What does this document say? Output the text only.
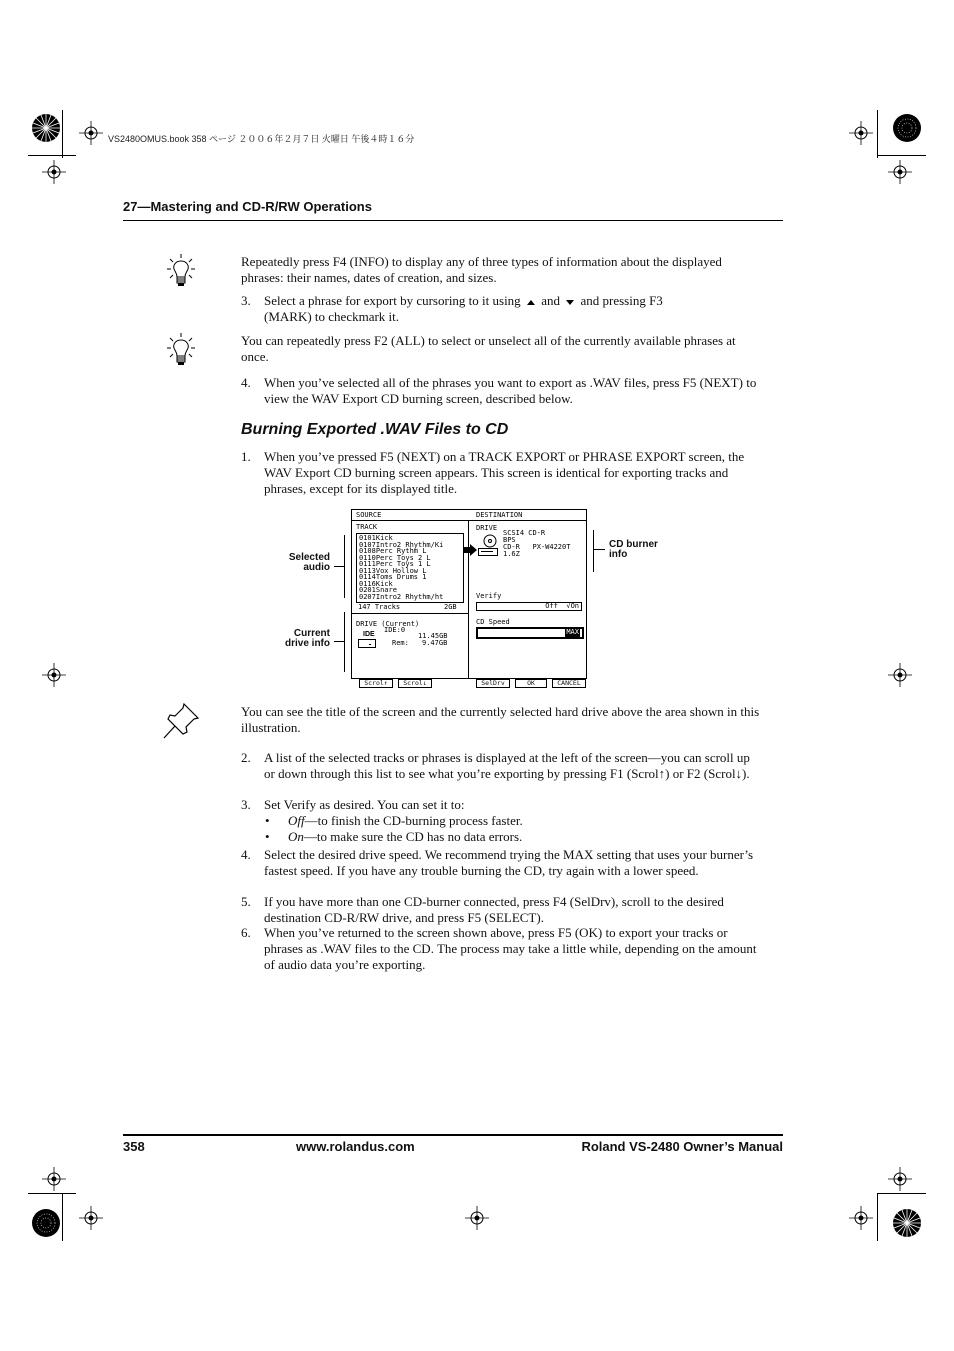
VS2480OMUS.book 358 ページ ２００６年２月７日 火曜日 午後４時１６分
27—Mastering and CD-R/RW Operations
Repeatedly press F4 (INFO) to display any of three types of information about the displayed phrases: their names, dates of creation, and sizes.
3. Select a phrase for export by cursoring to it using and and pressing F3
(MARK) to checkmark it.
You can repeatedly press F2 (ALL) to select or unselect all of the currently available phrases at once.
4. When you’ve selected all of the phrases you want to export as .WAV files, press F5 (NEXT) to view the WAV Export CD burning screen, described below.
Burning Exported .WAV Files to CD
1. When you’ve pressed F5 (NEXT) on a TRACK EXPORT or PHRASE EXPORT screen, the WAV Export CD burning screen appears. This screen is identical for exporting tracks and phrases, except for its displayed title.
Selected
audio
Current
drive info
CD burner
info
SOURCE	DESTINATION
TRACK
0101Kick
0107Intro2 Rhythm/Ki
0108Perc Rythm L
0110Perc Toys 2 L
0111Perc Toys 1 L
0113Vox Hollow L
0114Toms Drums 1
0116Kick
0201Snare
0207Intro2 Rhythm/ht
147 Tracks	2GB
DRIVE (Current)
IDE:0
IDE	11.45GB
Rem: 9.47GB
DRIVE
SCSI4 CD-R
BPS
CD-R   PX-W4220T
1.6Z
Verify
Off  √On
CD Speed
MAX
Scrol↑	Scrol↓	SelDrv	OK	CANCEL
You can see the title of the screen and the currently selected hard drive above the area shown in this illustration.
2. A list of the selected tracks or phrases is displayed at the left of the screen—you can scroll up or down through this list to see what you’re exporting by pressing F1 (Scrol↑) or F2 (Scrol↓).
3. Set Verify as desired. You can set it to:
• Off—to finish the CD-burning process faster.
• On—to make sure the CD has no data errors.
4. Select the desired drive speed. We recommend trying the MAX setting that uses your burner’s fastest speed. If you have any trouble burning the CD, try again with a lower speed.
5. If you have more than one CD-burner connected, press F4 (SelDrv), scroll to the desired destination CD-R/RW drive, and press F5 (SELECT).
6. When you’ve returned to the screen shown above, press F5 (OK) to export your tracks or phrases as .WAV files to the CD. The process may take a little while, depending on the amount of audio data you’re exporting.
358	www.rolandus.com	Roland VS-2480 Owner’s Manual
